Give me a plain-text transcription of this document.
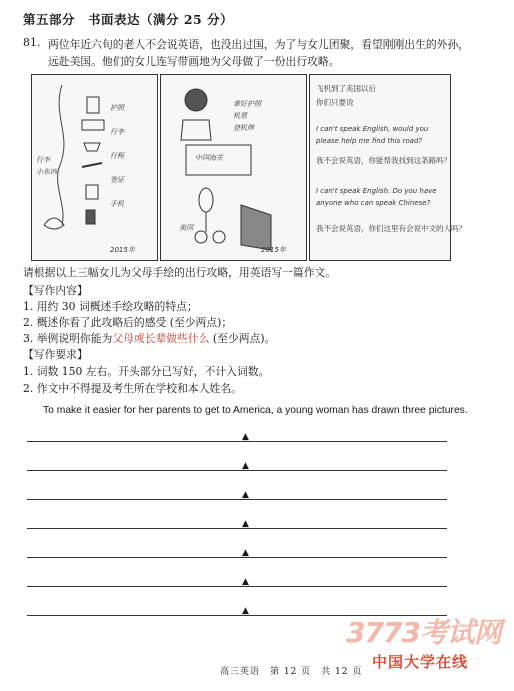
第五部分　书面表达（满分 25 分）
81. 两位年近六旬的老人不会说英语，也没出过国，为了与女儿团聚，看望刚刚出生的外孙，远赴美国。他们的女儿连写带画地为父母做了一份出行攻略。
护照
行李
行程
签证
手机
行李
小东西
2015年
拿好护照
机票
登机牌
中国海关
美国
2015年
飞机到了美国以后
你们只要说
I can't speak English, would you
please help me find this road?
我不会说英语，你能帮我找到这条路吗？
I can't speak English. Do you have
anyone who can speak Chinese?
我不会说英语，你们这里有会说中文的人吗？
请根据以上三幅女儿为父母手绘的出行攻略，用英语写一篇作文。
【写作内容】
1. 用约 30 词概述手绘攻略的特点；
2. 概述你看了此攻略后的感受 (至少两点)；
3. 举例说明你能为父母或长辈做些什么 (至少两点)。
【写作要求】
1. 词数 150 左右。开头部分已写好，不计入词数。
2. 作文中不得提及考生所在学校和本人姓名。
To make it easier for her parents to get to America, a young woman has drawn three pictures.
▲
▲
▲
▲
▲
▲
▲
3773考试网
中国大学在线
高三英语　第 12 页　共 12 页
